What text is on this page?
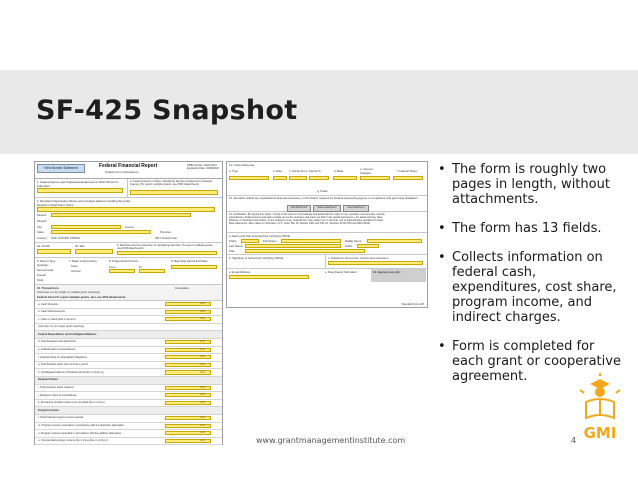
SF-425 Snapshot
View Burden Statement	Federal Financial Report
(Follow form instructions)
OMB Number: 4040-0014
Expiration Date: 02/28/2022
1. Federal Agency and Organizational Element to Which Report is Submitted
2. Federal Grant or Other Identifying Number Assigned by Federal Agency (To report multiple grants, use FFR Attachment)
3. Recipient Organization (Name and complete address including Zip code):
Recipient Organization Name:
Street1:
Street2:
City:	County:
State:	Province:
Country: USA: UNITED STATES	ZIP / Postal Code:
4a. DUNS	4b. EIN	5. Recipient Account Number or Identifying Number (To report multiple grants, use FFR Attachment)
6. Report Type
Quarterly
Semi-Annual
Annual
Final
7. Basis of Accounting
Cash
Accrual
8. Project/Grant Period
From:	To:
9. Reporting Period End Date
10. Transactions	Cumulative
(Use lines a-c for single or multiple grant reporting)
Federal Cash (To report multiple grants, also use FFR attachment):
a. Cash Receipts	0.00
b. Cash Disbursements	0.00
c. Cash on Hand (line a minus b)	0.00
(Use lines d-o for single grant reporting)
Federal Expenditures and Unobligated Balance:
d. Total Federal funds authorized	0.00
e. Federal share of expenditures	0.00
f. Federal share of unliquidated obligations	0.00
g. Total Federal share (sum of lines e and f)	0.00
h. Unobligated balance of Federal Funds (line d minus g)	0.00
Recipient Share:
i. Total recipient share required	0.00
j. Recipient share of expenditures	0.00
k. Remaining recipient share to be provided (line i minus j)	0.00
Program Income:
l. Total Federal program income earned	0.00
m. Program income expended in accordance with the deduction alternative	0.00
n. Program income expended in accordance with the addition alternative	0.00
o. Unexpended program income (line l minus line m or line n)	0.00
11. Indirect Expense
a. Type	b. Rate c. Period From Period To	d. Base	e. Amount Charged	f. Federal Share
g. Totals:
12. Remarks: Attach any explanations deemed necessary or information required by Federal sponsoring agency in compliance with governing legislation:
Add Attachment	Delete Attachment	View Attachment
13. Certification: By signing this report, I certify to the best of my knowledge and belief that the report is true, complete, and accurate, and the expenditures, disbursements and cash receipts are for the purposes and intent set forth in the award documents. I am aware that any false, fictitious, or fraudulent information, or the omission of any material fact, may subject me to criminal, civil or administrative penalties for fraud, false statements, false claims or otherwise. (U.S. Code Title 18, Section 1001 and Title 31, Sections 3729-3730 and 3801-3812).
a. Name and Title of Authorized Certifying Official
Prefix:	First Name:	Middle Name:
Last Name:	Suffix:
Title:
b. Signature of Authorized Certifying Official	c. Telephone (Area code, number and extension)
d. Email Address	e. Date Report Submitted	14. Agency use only:
Standard Form 425
• The form is roughly two pages in length, without attachments.
• The form has 13 fields.
• Collects information on federal cash, expenditures, cost share, program income, and indirect charges.
• Form is completed for each grant or cooperative agreement.
www.grantmanagementinstitute.com	4 GMI
